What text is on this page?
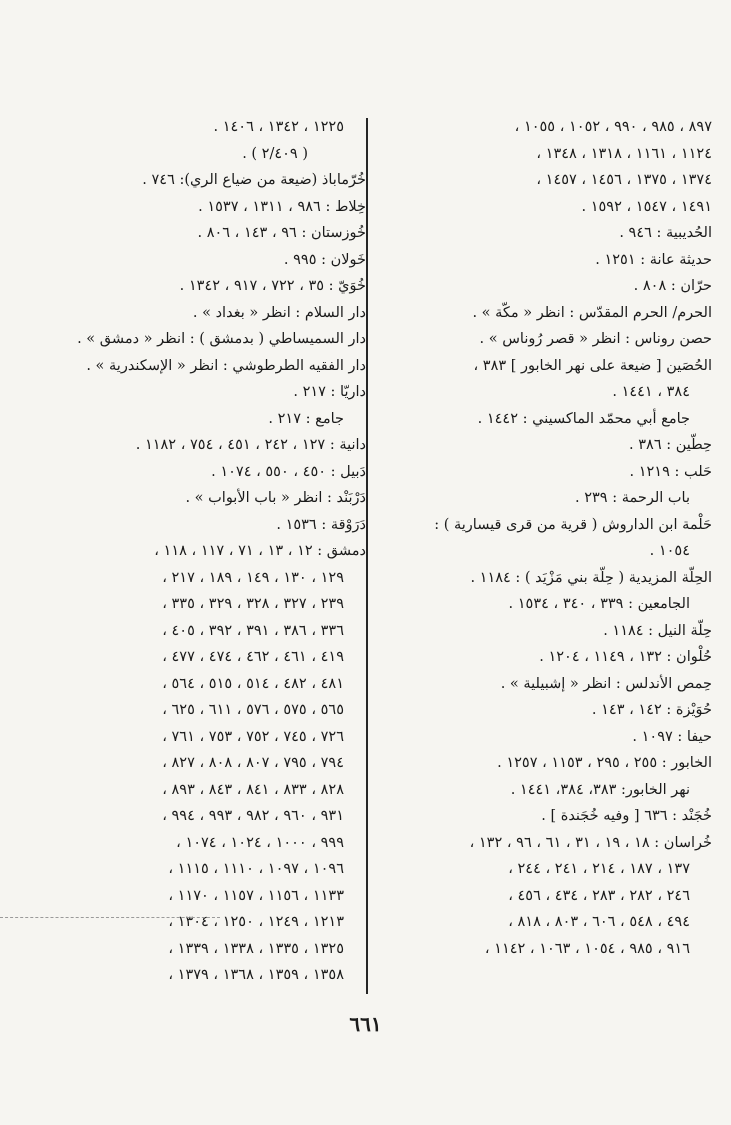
٨٩٧ ، ٩٨٥ ، ٩٩٠ ، ١٠٥٢ ، ١٠٥٥ ،
١١٢٤ ، ١١٦١ ، ١٣١٨ ، ١٣٤٨ ،
١٣٧٤ ، ١٣٧٥ ، ١٤٥٦ ، ١٤٥٧ ،
١٤٩١ ، ١٥٤٧ ، ١٥٩٢ .
الحُديبية : ٩٤٦ .
حديثة عانة : ١٢٥١ .
حرّان : ٨٠٨ .
الحرم/ الحرم المقدّس : انظر « مكّة » .
حصن روناس : انظر « قصر رُوناس » .
الحُصَين [ ضيعة على نهر الخابور ] ٣٨٣ ،
٣٨٤ ، ١٤٤١ .
جامع أبي محمّد الماكسيني : ١٤٤٢ .
حِطّين : ٣٨٦ .
حَلب : ١٢١٩ .
باب الرحمة : ٢٣٩ .
حَلْمة ابن الداروش ( قرية من قرى قيسارية ) :
١٠٥٤ .
الحِلّة المزيدية ( حِلّة بني مَزْيَد ) : ١١٨٤ .
الجامعين : ٣٣٩ ، ٣٤٠ ، ١٥٣٤ .
حِلّة النيل : ١١٨٤ .
حُلْوان : ١٣٢ ، ١١٤٩ ، ١٢٠٤ .
حِمص الأندلس : انظر « إشبيلية » .
حُوَيْزة : ١٤٢ ، ١٤٣ .
حيفا : ١٠٩٧ .
الخابور : ٢٥٥ ، ٢٩٥ ، ١١٥٣ ، ١٢٥٧ .
نهر الخابور: ٣٨٣، ٣٨٤، ١٤٤١ .
خُجَنْد : ٦٣٦ [ وفيه خُجَندة ] .
خُراسان : ١٨ ، ١٩ ، ٣١ ، ٦١ ، ٩٦ ، ١٣٢ ،
١٣٧ ، ١٨٧ ، ٢١٤ ، ٢٤١ ، ٢٤٤ ،
٢٤٦ ، ٢٨٢ ، ٢٨٣ ، ٤٣٤ ، ٤٥٦ ،
٤٩٤ ، ٥٤٨ ، ٦٠٦ ، ٨٠٣ ، ٨١٨ ،
٩١٦ ، ٩٨٥ ، ١٠٥٤ ، ١٠٦٣ ، ١١٤٢ ،
١٢٢٥ ، ١٣٤٢ ، ١٤٠٦ .
( ٢/٤٠٩ ) .
خُرّماباذ (ضيعة من ضياع الري): ٧٤٦ .
خِلاط : ٩٨٦ ، ١٣١١ ، ١٥٣٧ .
خُوزستان : ٩٦ ، ١٤٣ ، ٨٠٦ .
خَولان : ٩٩٥ .
خُوَيّ : ٣٥ ، ٧٢٢ ، ٩١٧ ، ١٣٤٢ .
دار السلام : انظر « بغداد » .
دار السميساطي ( بدمشق ) : انظر « دمشق » .
دار الفقيه الطرطوشي : انظر « الإسكندرية » .
داريّا : ٢١٧ .
جامع : ٢١٧ .
دانية : ١٢٧ ، ٢٤٢ ، ٤٥١ ، ٧٥٤ ، ١١٨٢ .
دَبيل : ٤٥٠ ، ٥٥٠ ، ١٠٧٤ .
دَرْبَنْد : انظر « باب الأبواب » .
دَرَوْقة : ١٥٣٦ .
دمشق : ١٢ ، ١٣ ، ٧١ ، ١١٧ ، ١١٨ ،
١٢٩ ، ١٣٠ ، ١٤٩ ، ١٨٩ ، ٢١٧ ،
٢٣٩ ، ٣٢٧ ، ٣٢٨ ، ٣٢٩ ، ٣٣٥ ،
٣٣٦ ، ٣٨٦ ، ٣٩١ ، ٣٩٢ ، ٤٠٥ ،
٤١٩ ، ٤٦١ ، ٤٦٢ ، ٤٧٤ ، ٤٧٧ ،
٤٨١ ، ٤٨٢ ، ٥١٤ ، ٥١٥ ، ٥٦٤ ،
٥٦٥ ، ٥٧٥ ، ٥٧٦ ، ٦١١ ، ٦٢٥ ،
٧٢٦ ، ٧٤٥ ، ٧٥٢ ، ٧٥٣ ، ٧٦١ ،
٧٩٤ ، ٧٩٥ ، ٨٠٧ ، ٨٠٨ ، ٨٢٧ ،
٨٢٨ ، ٨٣٣ ، ٨٤١ ، ٨٤٣ ، ٨٩٣ ،
٩٣١ ، ٩٦٠ ، ٩٨٢ ، ٩٩٣ ، ٩٩٤ ،
٩٩٩ ، ١٠٠٠ ، ١٠٢٤ ، ١٠٧٤ ،
١٠٩٦ ، ١٠٩٧ ، ١١١٠ ، ١١١٥ ،
١١٣٣ ، ١١٥٦ ، ١١٥٧ ، ١١٧٠ ،
١٢١٣ ، ١٢٤٩ ، ١٢٥٠ ، ١٣٠٤ ،
١٣٢٥ ، ١٣٣٥ ، ١٣٣٨ ، ١٣٣٩ ،
١٣٥٨ ، ١٣٥٩ ، ١٣٦٨ ، ١٣٧٩ ،
٦٦١
